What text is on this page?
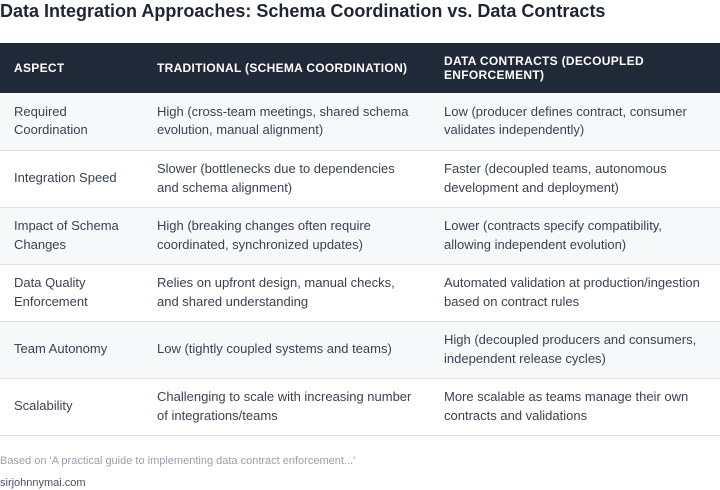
Data Integration Approaches: Schema Coordination vs. Data Contracts
ASPECT	TRADITIONAL (SCHEMA COORDINATION)	DATA CONTRACTS (DECOUPLED ENFORCEMENT)
Required Coordination	High (cross-team meetings, shared schema evolution, manual alignment)	Low (producer defines contract, consumer validates independently)
Integration Speed	Slower (bottlenecks due to dependencies and schema alignment)	Faster (decoupled teams, autonomous development and deployment)
Impact of Schema Changes	High (breaking changes often require coordinated, synchronized updates)	Lower (contracts specify compatibility, allowing independent evolution)
Data Quality Enforcement	Relies on upfront design, manual checks, and shared understanding	Automated validation at production/ingestion based on contract rules
Team Autonomy	Low (tightly coupled systems and teams)	High (decoupled producers and consumers, independent release cycles)
Scalability	Challenging to scale with increasing number of integrations/teams	More scalable as teams manage their own contracts and validations
Based on 'A practical guide to implementing data contract enforcement...'
sirjohnnymai.com
